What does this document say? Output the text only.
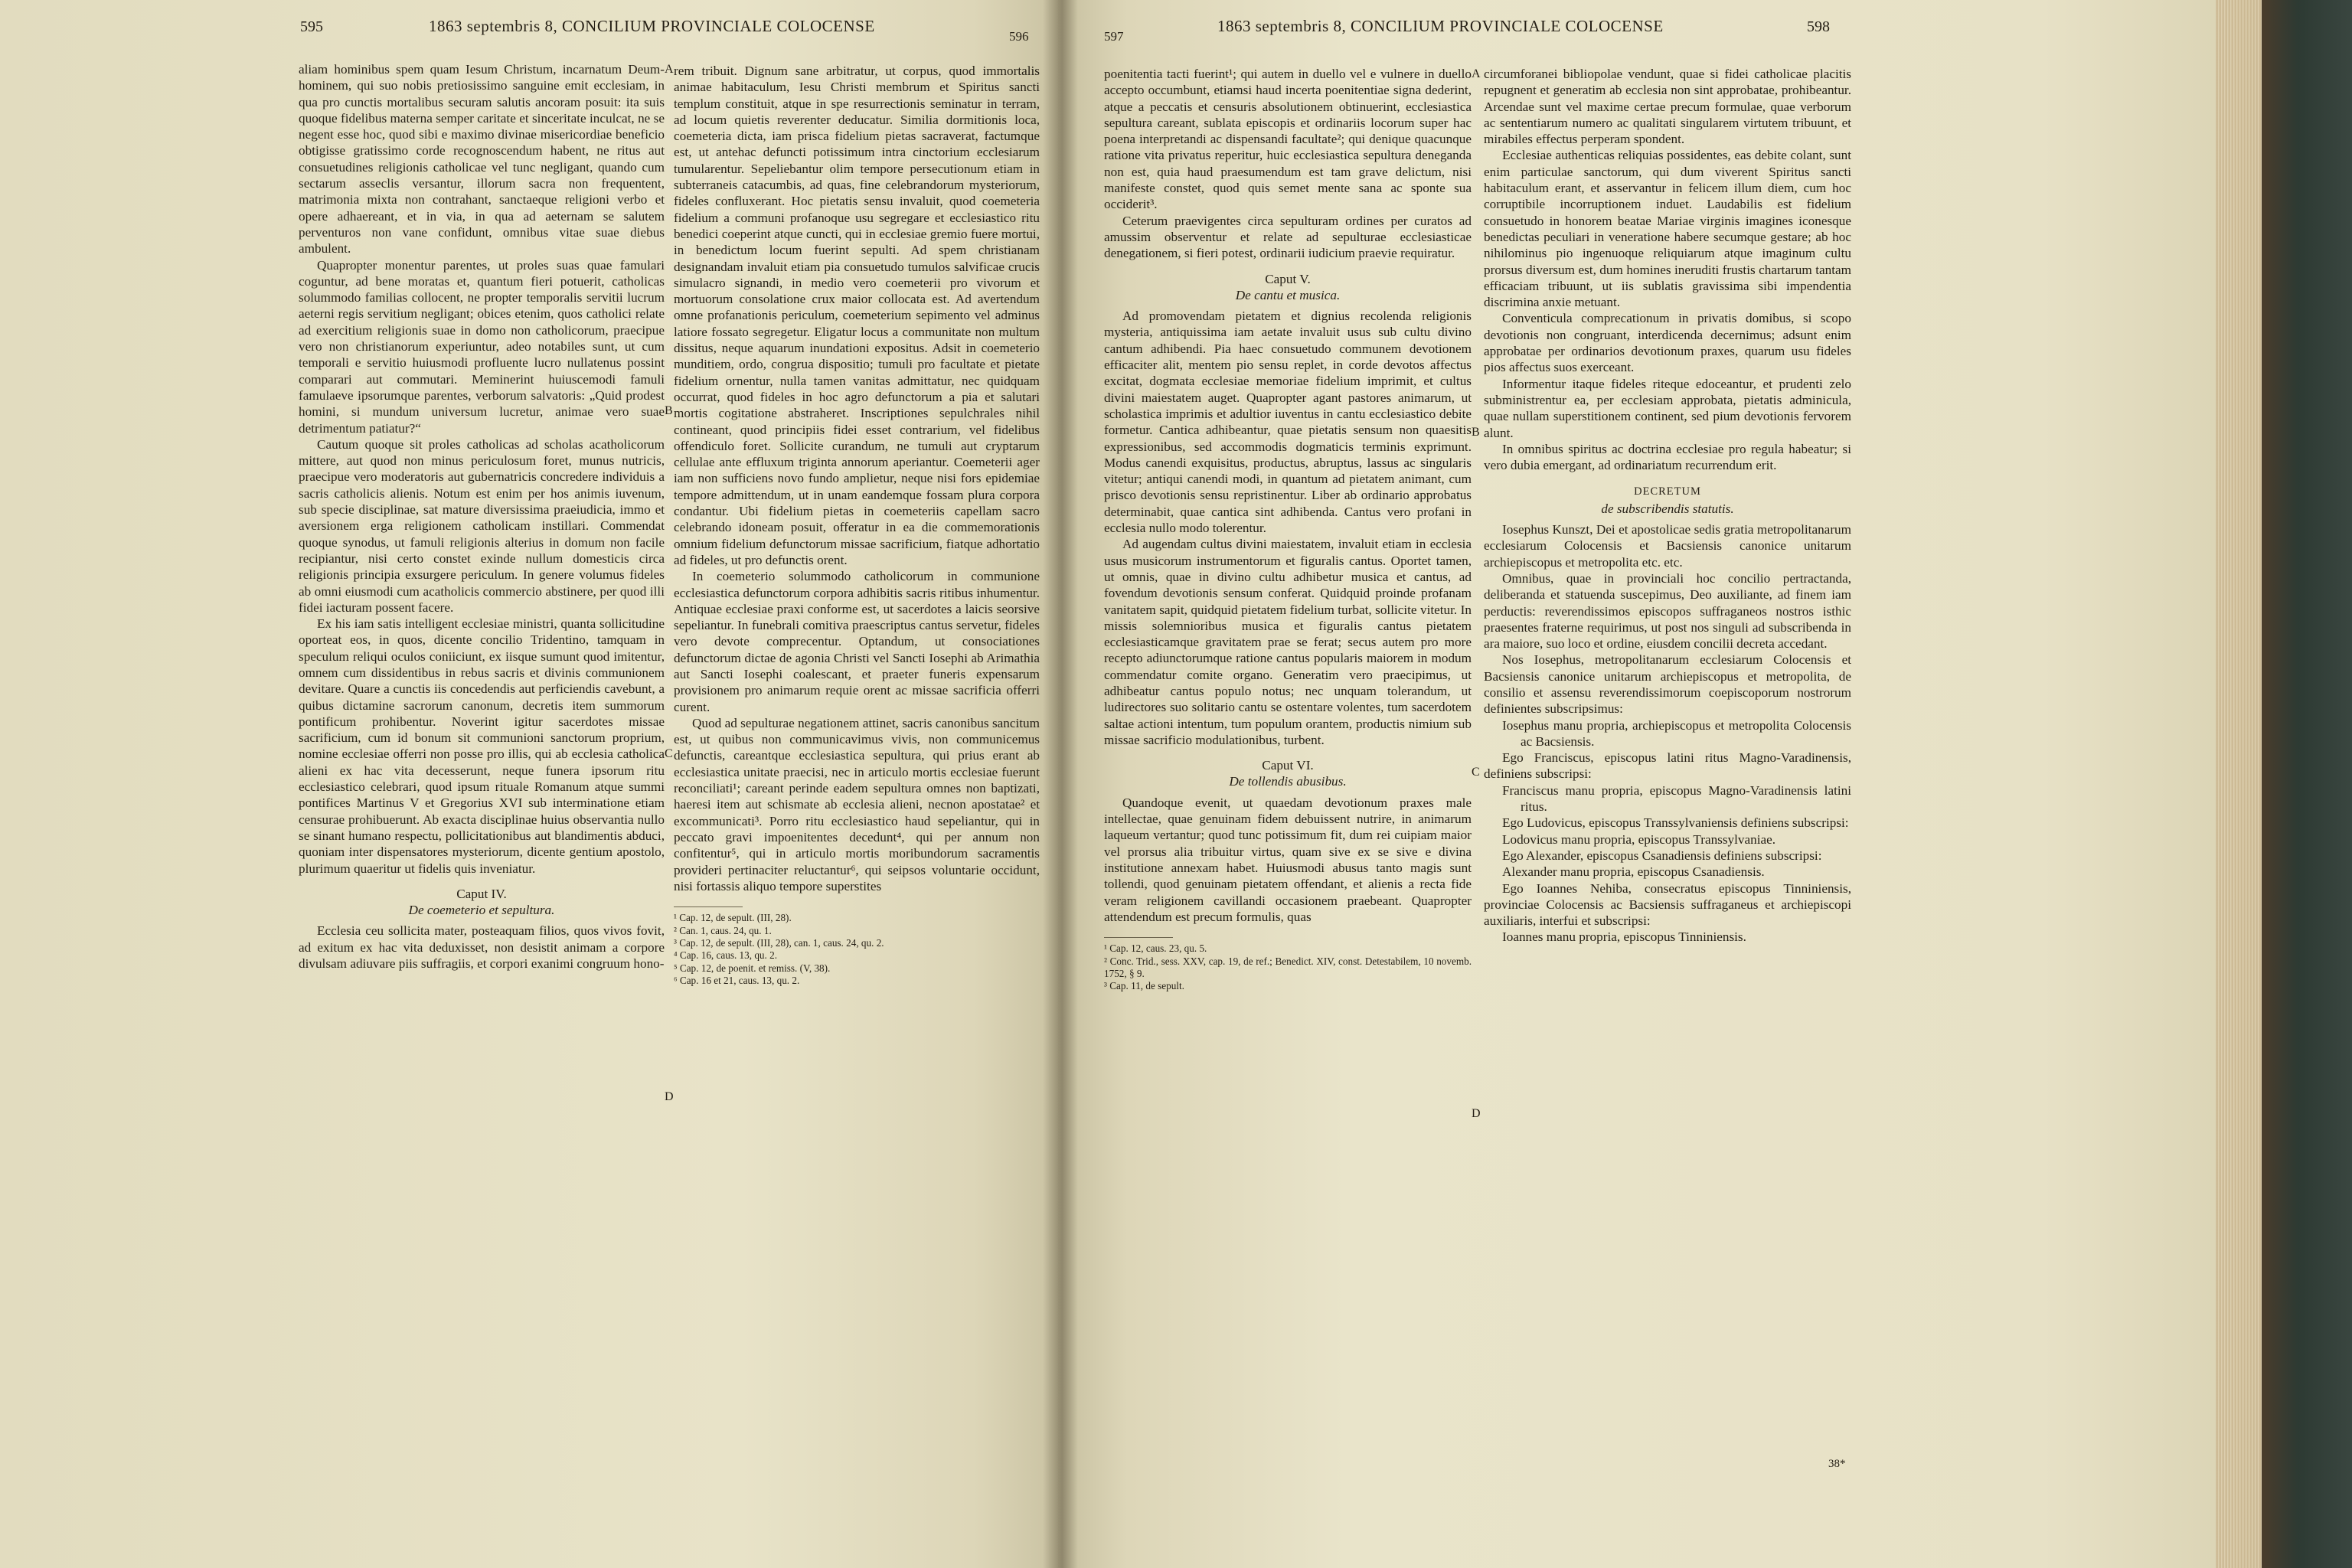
595	1863 septembris 8, CONCILIUM PROVINCIALE COLOCENSE
596

aliam hominibus spem quam Iesum Christum, incarnatum Deum-hominem, qui suo nobis pretiosissimo sanguine emit ecclesiam, in qua pro cunctis mortalibus securam salutis ancoram posuit: ita suis quoque fidelibus materna semper caritate et sinceritate inculcat, ne se negent esse hoc, quod sibi e maximo divinae misericordiae beneficio obtigisse gratissimo corde recognoscendum habent, ne ritus aut consuetudines religionis catholicae vel tunc negligant, quando cum sectarum asseclis versantur, illorum sacra non frequentent, matrimonia mixta non contrahant, sanctaeque religioni verbo et opere adhaereant, et in via, in qua ad aeternam se salutem perventuros non vane confidunt, omnibus vitae suae diebus ambulent.

Quapropter monentur parentes, ut proles suas quae famulari coguntur, ad bene moratas et, quantum fieri potuerit, catholicas solummodo familias collocent, ne propter temporalis servitii lucrum aeterni regis servitium negligant; obices etenim, quos catholici relate ad exercitium religionis suae in domo non catholicorum, praecipue vero non christianorum experiuntur, adeo notabiles sunt, ut cum temporali e servitio huiusmodi profluente lucro nullatenus possint comparari aut commutari. Meminerint huiuscemodi famuli famulaeve ipsorumque parentes, verborum salvatoris: „Quid prodest homini, si mundum universum lucretur, animae vero suae detrimentum patiatur?“

Cautum quoque sit proles catholicas ad scholas acatholicorum mittere, aut quod non minus periculosum foret, munus nutricis, praecipue vero moderatoris aut gubernatricis concredere individuis a sacris catholicis alienis. Notum est enim per hos animis iuvenum, sub specie disciplinae, sat mature diversissima praeiudicia, immo et aversionem erga religionem catholicam instillari. Commendat quoque synodus, ut famuli religionis alterius in domum non facile recipiantur, nisi certo constet exinde nullum domesticis circa religionis principia exsurgere periculum. In genere volumus fideles ab omni eiusmodi cum acatholicis commercio abstinere, per quod illi fidei iacturam possent facere.

Ex his iam satis intelligent ecclesiae ministri, quanta sollicitudine oporteat eos, in quos, dicente concilio Tridentino, tamquam in speculum reliqui oculos coniiciunt, ex iisque sumunt quod imitentur, omnem cum dissidentibus in rebus sacris et divinis communionem devitare. Quare a cunctis iis concedendis aut perficiendis cavebunt, a quibus dictamine sacrorum canonum, decretis item summorum pontificum prohibentur. Noverint igitur sacerdotes missae sacrificium, cum id bonum sit communioni sanctorum proprium, nomine ecclesiae offerri non posse pro illis, qui ab ecclesia catholica alieni ex hac vita decesserunt, neque funera ipsorum ritu ecclesiastico celebrari, quod ipsum rituale Romanum atque summi pontifices Martinus V et Gregorius XVI sub interminatione etiam censurae prohibuerunt. Ab exacta disciplinae huius observantia nullo se sinant humano respectu, pollicitationibus aut blandimentis abduci, quoniam inter dispensatores mysteriorum, dicente gentium apostolo, plurimum quaeritur ut fidelis quis inveniatur.

Caput IV.

De coemeterio et sepultura.

Ecclesia ceu sollicita mater, posteaquam filios, quos vivos fovit, ad exitum ex hac vita deduxisset, non desistit animam a corpore divulsam adiuvare piis suffragiis, et corpori exanimi congruum hono-

rem tribuit. Dignum sane arbitratur, ut corpus, quod immortalis animae habitaculum, Iesu Christi membrum et Spiritus sancti templum constituit, atque in spe resurrectionis seminatur in terram, ad locum quietis reverenter deducatur. Similia dormitionis loca, coemeteria dicta, iam prisca fidelium pietas sacraverat, factumque est, ut antehac defuncti potissimum intra cinctorium ecclesiarum tumularentur. Sepeliebantur olim tempore persecutionum etiam in subterraneis catacumbis, ad quas, fine celebrandorum mysteriorum, fideles confluxerant. Hoc pietatis sensu invaluit, quod coemeteria fidelium a communi profanoque usu segregare et ecclesiastico ritu benedici coeperint atque cuncti, qui in ecclesiae gremio fuere mortui, in benedictum locum fuerint sepulti. Ad spem christianam designandam invaluit etiam pia consuetudo tumulos salvificae crucis simulacro signandi, in medio vero coemeterii pro vivorum et mortuorum consolatione crux maior collocata est. Ad avertendum omne profanationis periculum, coemeterium sepimento vel adminus latiore fossato segregetur. Eligatur locus a communitate non multum dissitus, neque aquarum inundationi expositus. Adsit in coemeterio munditiem, ordo, congrua dispositio; tumuli pro facultate et pietate fidelium ornentur, nulla tamen vanitas admittatur, nec quidquam occurrat, quod fideles in hoc agro defunctorum a pia et salutari mortis cogitatione abstraheret. Inscriptiones sepulchrales nihil contineant, quod principiis fidei esset contrarium, vel fidelibus offendiculo foret. Sollicite curandum, ne tumuli aut cryptarum cellulae ante effluxum triginta annorum aperiantur. Coemeterii ager iam non sufficiens novo fundo amplietur, neque nisi fors epidemiae tempore admittendum, ut in unam eandemque fossam plura corpora condantur. Ubi fidelium pietas in coemeteriis capellam sacro celebrando idoneam posuit, offeratur in ea die commemorationis omnium fidelium defunctorum missae sacrificium, fiatque adhortatio ad fideles, ut pro defunctis orent.

In coemeterio solummodo catholicorum in communione ecclesiastica defunctorum corpora adhibitis sacris ritibus inhumentur. Antiquae ecclesiae praxi conforme est, ut sacerdotes a laicis seorsive sepeliantur. In funebrali comitiva praescriptus cantus servetur, fideles vero devote comprecentur. Optandum, ut consociationes defunctorum dictae de agonia Christi vel Sancti Iosephi ab Arimathia aut Sancti Iosephi coalescant, et praeter funeris expensarum provisionem pro animarum requie orent ac missae sacrificia offerri curent.

Quod ad sepulturae negationem attinet, sacris canonibus sancitum est, ut quibus non communicavimus vivis, non communicemus defunctis, careantque ecclesiastica sepultura, qui prius erant ab ecclesiastica unitate praecisi, nec in articulo mortis ecclesiae fuerunt reconciliati¹; careant perinde eadem sepultura omnes non baptizati, haeresi item aut schismate ab ecclesia alieni, necnon apostatae² et excommunicati³. Porro ritu ecclesiastico haud sepeliantur, qui in peccato gravi impoenitentes decedunt⁴, qui per annum non confitentur⁵, qui in articulo mortis moribundorum sacramentis provideri pertinaciter reluctantur⁶, qui seipsos voluntarie occidunt, nisi fortassis aliquo tempore superstites

¹ Cap. 12, de sepult. (III, 28).

² Can. 1, caus. 24, qu. 1.

³ Cap. 12, de sepult. (III, 28), can. 1, caus. 24, qu. 2.

⁴ Cap. 16, caus. 13, qu. 2.

⁵ Cap. 12, de poenit. et remiss. (V, 38).

⁶ Cap. 16 et 21, caus. 13, qu. 2.

A
B
C
D
597
1863 septembris 8, CONCILIUM PROVINCIALE COLOCENSE	598

poenitentia tacti fuerint¹; qui autem in duello vel e vulnere in duello accepto occumbunt, etiamsi haud incerta poenitentiae signa dederint, atque a peccatis et censuris absolutionem obtinuerint, ecclesiastica sepultura careant, sublata episcopis et ordinariis locorum super hac poena interpretandi ac dispensandi facultate²; qui denique quacunque ratione vita privatus reperitur, huic ecclesiastica sepultura deneganda non est, quia haud praesumendum est tam grave delictum, nisi manifeste constet, quod quis semet mente sana ac sponte sua occiderit³.

Ceterum praevigentes circa sepulturam ordines per curatos ad amussim observentur et relate ad sepulturae ecclesiasticae denegationem, si fieri potest, ordinarii iudicium praevie requiratur.

Caput V.

De cantu et musica.

Ad promovendam pietatem et dignius recolenda religionis mysteria, antiquissima iam aetate invaluit usus sub cultu divino cantum adhibendi. Pia haec consuetudo communem devotionem efficaciter alit, mentem pio sensu replet, in corde devotos affectus excitat, dogmata ecclesiae memoriae fidelium imprimit, et cultus divini maiestatem auget. Quapropter agant pastores animarum, ut scholastica imprimis et adultior iuventus in cantu ecclesiastico debite formetur. Cantica adhibeantur, quae pietatis sensum non quaesitis expressionibus, sed accommodis dogmaticis terminis exprimunt. Modus canendi exquisitus, productus, abruptus, lassus ac singularis vitetur; antiqui canendi modi, in quantum ad pietatem animant, cum prisco devotionis sensu repristinentur. Liber ab ordinario approbatus determinabit, quae cantica sint adhibenda. Cantus vero profani in ecclesia nullo modo tolerentur.

Ad augendam cultus divini maiestatem, invaluit etiam in ecclesia usus musicorum instrumentorum et figuralis cantus. Oportet tamen, ut omnis, quae in divino cultu adhibetur musica et cantus, ad fovendum devotionis sensum conferat. Quidquid proinde profanam vanitatem sapit, quidquid pietatem fidelium turbat, sollicite vitetur. In missis solemnioribus musica et figuralis cantus pietatem ecclesiasticamque gravitatem prae se ferat; secus autem pro more recepto adiunctorumque ratione cantus popularis maiorem in modum commendatur comite organo. Generatim vero praecipimus, ut adhibeatur cantus populo notus; nec unquam tolerandum, ut ludirectores suo solitario cantu se ostentare volentes, tum sacerdotem saltae actioni intentum, tum populum orantem, productis nimium sub missae sacrificio modulationibus, turbent.

Caput VI.

De tollendis abusibus.

Quandoque evenit, ut quaedam devotionum praxes male intellectae, quae genuinam fidem debuissent nutrire, in animarum laqueum vertantur; quod tunc potissimum fit, dum rei cuipiam maior vel prorsus alia tribuitur virtus, quam sive ex se sive e divina institutione annexam habet. Huiusmodi abusus tanto magis sunt tollendi, quod genuinam pietatem offendant, et alienis a recta fide veram religionem cavillandi occasionem praebeant. Quapropter attendendum est precum formulis, quas

¹ Cap. 12, caus. 23, qu. 5.

² Conc. Trid., sess. XXV, cap. 19, de ref.; Benedict. XIV, const. Detestabilem, 10 novemb. 1752, § 9.

³ Cap. 11, de sepult.

circumforanei bibliopolae vendunt, quae si fidei catholicae placitis repugnent et generatim ab ecclesia non sint approbatae, prohibeantur. Arcendae sunt vel maxime certae precum formulae, quae verborum ac sententiarum numero ac qualitati singularem virtutem tribuunt, et mirabiles effectus perperam spondent.

Ecclesiae authenticas reliquias possidentes, eas debite colant, sunt enim particulae sanctorum, qui dum viverent Spiritus sancti habitaculum erant, et asservantur in felicem illum diem, cum hoc corruptibile incorruptionem induet. Laudabilis est fidelium consuetudo in honorem beatae Mariae virginis imagines iconesque benedictas peculiari in veneratione habere secumque gestare; ab hoc nihilominus pio ingenuoque reliquiarum atque imaginum cultu prorsus diversum est, dum homines ineruditi frustis chartarum tantam efficaciam tribuunt, ut iis sublatis gravissima sibi impendentia discrimina anxie metuant.

Conventicula comprecationum in privatis domibus, si scopo devotionis non congruant, interdicenda decernimus; adsunt enim approbatae per ordinarios devotionum praxes, quarum usu fideles pios affectus suos exerceant.

Informentur itaque fideles riteque edoceantur, et prudenti zelo subministrentur ea, per ecclesiam approbata, pietatis adminicula, quae nullam superstitionem continent, sed pium devotionis fervorem alunt.

In omnibus spiritus ac doctrina ecclesiae pro regula habeatur; si vero dubia emergant, ad ordinariatum recurrendum erit.

DECRETUM

de subscribendis statutis.

Iosephus Kunszt, Dei et apostolicae sedis gratia metropolitanarum ecclesiarum Colocensis et Bacsiensis canonice unitarum archiepiscopus et metropolita etc. etc.

Omnibus, quae in provinciali hoc concilio pertractanda, deliberanda et statuenda suscepimus, Deo auxiliante, ad finem iam perductis: reverendissimos episcopos suffraganeos nostros isthic praesentes fraterne requirimus, ut post nos singuli ad subscribenda in ara maiore, suo loco et ordine, eiusdem concilii decreta accedant.

Nos Iosephus, metropolitanarum ecclesiarum Colocensis et Bacsiensis canonice unitarum archiepiscopus et metropolita, de consilio et assensu reverendissimorum coepiscoporum nostrorum definientes subscripsimus:

Iosephus manu propria, archiepiscopus et metropolita Colocensis ac Bacsiensis.

Ego Franciscus, episcopus latini ritus Magno-Varadinensis, definiens subscripsi:

Franciscus manu propria, episcopus Magno-Varadinensis latini ritus.

Ego Ludovicus, episcopus Transsylvaniensis definiens subscripsi:

Lodovicus manu propria, episcopus Transsylvaniae.

Ego Alexander, episcopus Csanadiensis definiens subscripsi:

Alexander manu propria, episcopus Csanadiensis.

Ego Ioannes Nehiba, consecratus episcopus Tinniniensis, provinciae Colocensis ac Bacsiensis suffraganeus et archiepiscopi auxiliaris, interfui et subscripsi:

Ioannes manu propria, episcopus Tinniniensis.

A
B
C
D
38*
